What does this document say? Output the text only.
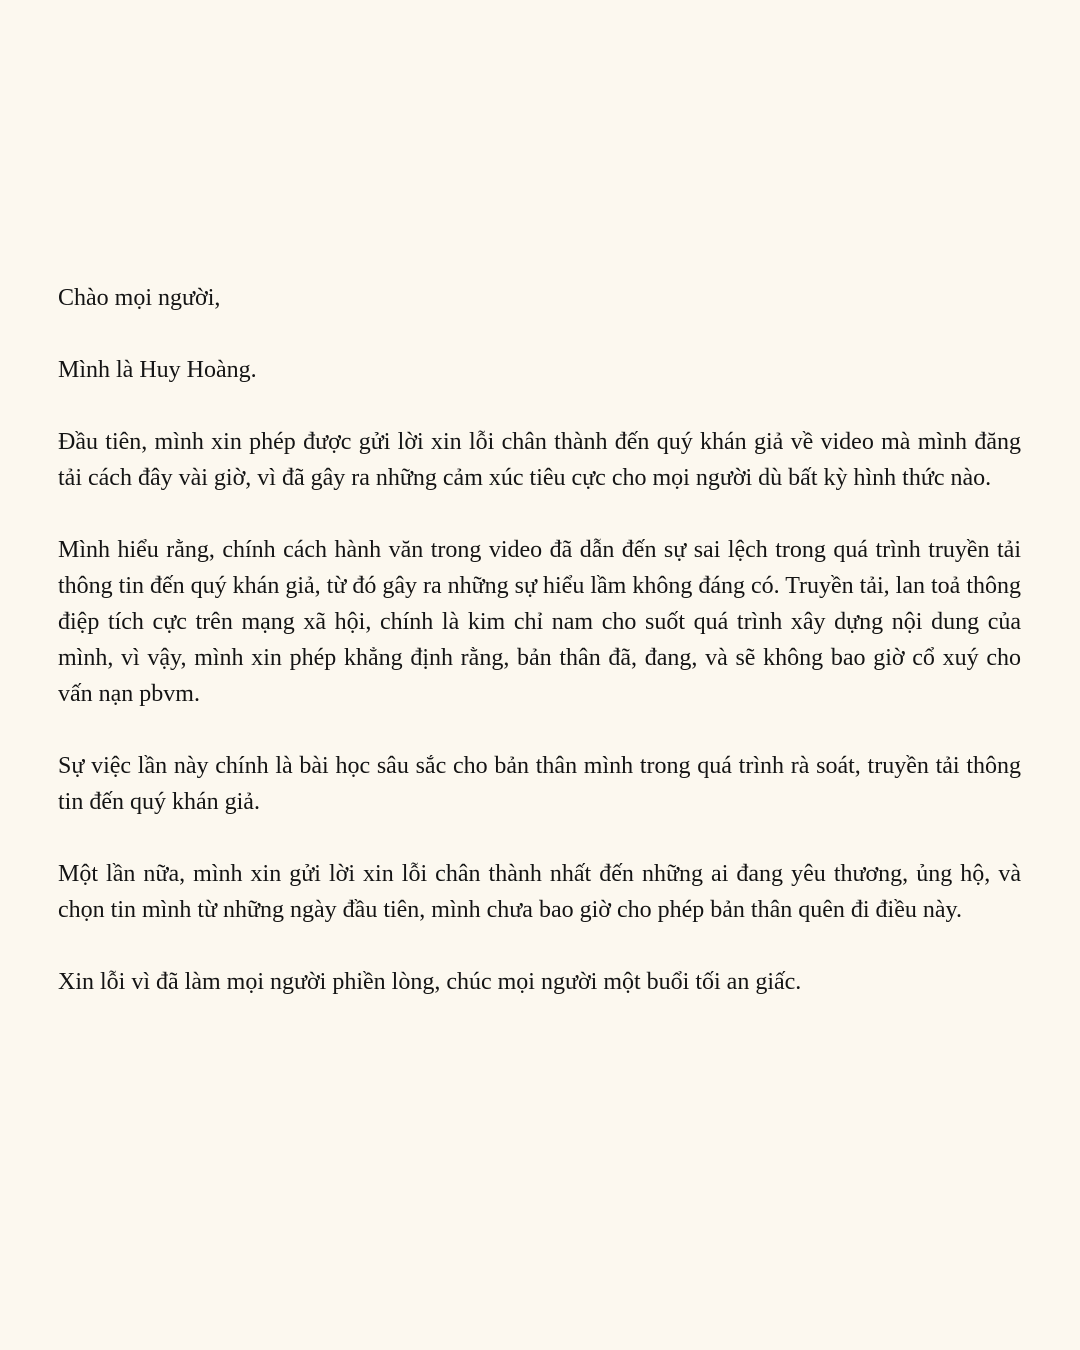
Chào mọi người,

Mình là Huy Hoàng.

Đầu tiên, mình xin phép được gửi lời xin lỗi chân thành đến quý khán giả về video mà mình đăng tải cách đây vài giờ, vì đã gây ra những cảm xúc tiêu cực cho mọi người dù bất kỳ hình thức nào.

Mình hiểu rằng, chính cách hành văn trong video đã dẫn đến sự sai lệch trong quá trình truyền tải thông tin đến quý khán giả, từ đó gây ra những sự hiểu lầm không đáng có. Truyền tải, lan toả thông điệp tích cực trên mạng xã hội, chính là kim chỉ nam cho suốt quá trình xây dựng nội dung của mình, vì vậy, mình xin phép khẳng định rằng, bản thân đã, đang, và sẽ không bao giờ cổ xuý cho vấn nạn pbvm.

Sự việc lần này chính là bài học sâu sắc cho bản thân mình trong quá trình rà soát, truyền tải thông tin đến quý khán giả.

Một lần nữa, mình xin gửi lời xin lỗi chân thành nhất đến những ai đang yêu thương, ủng hộ, và chọn tin mình từ những ngày đầu tiên, mình chưa bao giờ cho phép bản thân quên đi điều này.

Xin lỗi vì đã làm mọi người phiền lòng, chúc mọi người một buổi tối an giấc.
